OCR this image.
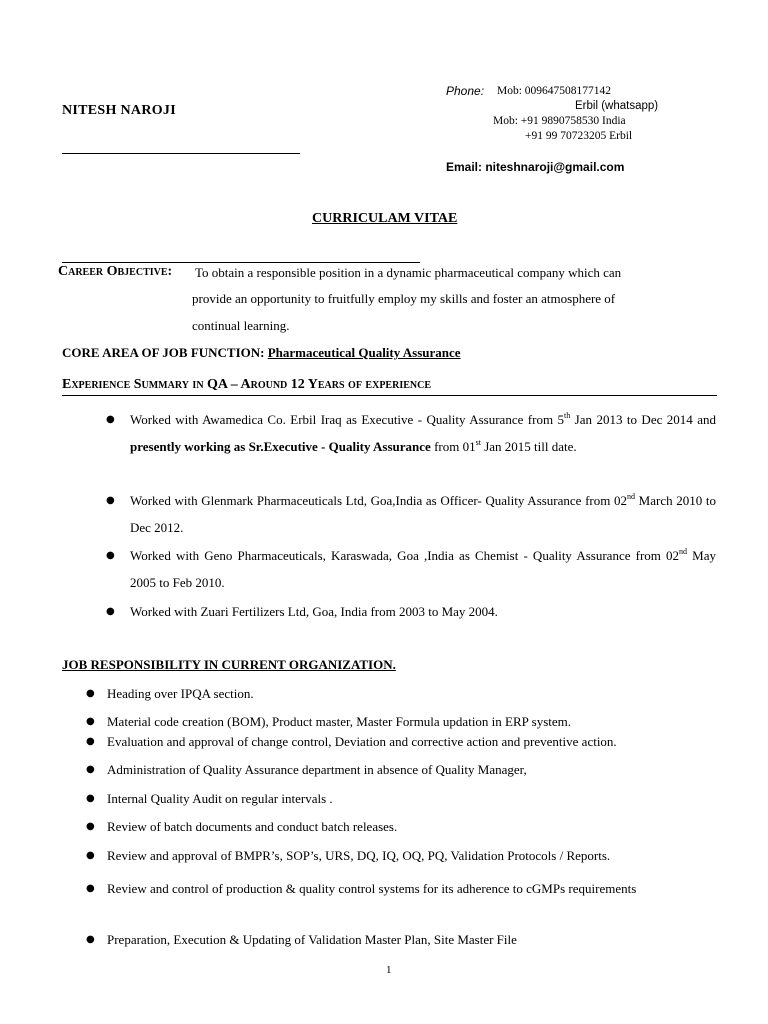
NITESH NAROJI
Phone: Mob: 009647508177142
Erbil (whatsapp)
Mob: +91 9890758530 India
+91 99 70723205 Erbil
Email: niteshnaroji@gmail.com
CURRICULAM VITAE
Career Objective: To obtain a responsible position in a dynamic pharmaceutical company which can
provide an opportunity to fruitfully employ my skills and foster an atmosphere of
continual learning.
CORE AREA OF JOB FUNCTION: Pharmaceutical Quality Assurance
Experience Summary in QA – Around 12 Years of experience
● Worked with Awamedica Co. Erbil Iraq as Executive - Quality Assurance from 5th Jan 2013 to Dec 2014 and presently working as Sr.Executive - Quality Assurance from 01st Jan 2015 till date.
● Worked with Glenmark Pharmaceuticals Ltd, Goa,India as Officer- Quality Assurance from 02nd March 2010 to Dec 2012.
● Worked with Geno Pharmaceuticals, Karaswada, Goa ,India as Chemist - Quality Assurance from 02nd May 2005 to Feb 2010.
● Worked with Zuari Fertilizers Ltd, Goa, India from 2003 to May 2004.
JOB RESPONSIBILITY IN CURRENT ORGANIZATION.
● Heading over IPQA section.
● Material code creation (BOM), Product master, Master Formula updation in ERP system.
● Evaluation and approval of change control, Deviation and corrective action and preventive action.
● Administration of Quality Assurance department in absence of Quality Manager,
● Internal Quality Audit on regular intervals .
● Review of batch documents and conduct batch releases.
● Review and approval of BMPR’s, SOP’s, URS, DQ, IQ, OQ, PQ, Validation Protocols / Reports.
● Review and control of production & quality control systems for its adherence to cGMPs requirements
● Preparation, Execution & Updating of Validation Master Plan, Site Master File
1
